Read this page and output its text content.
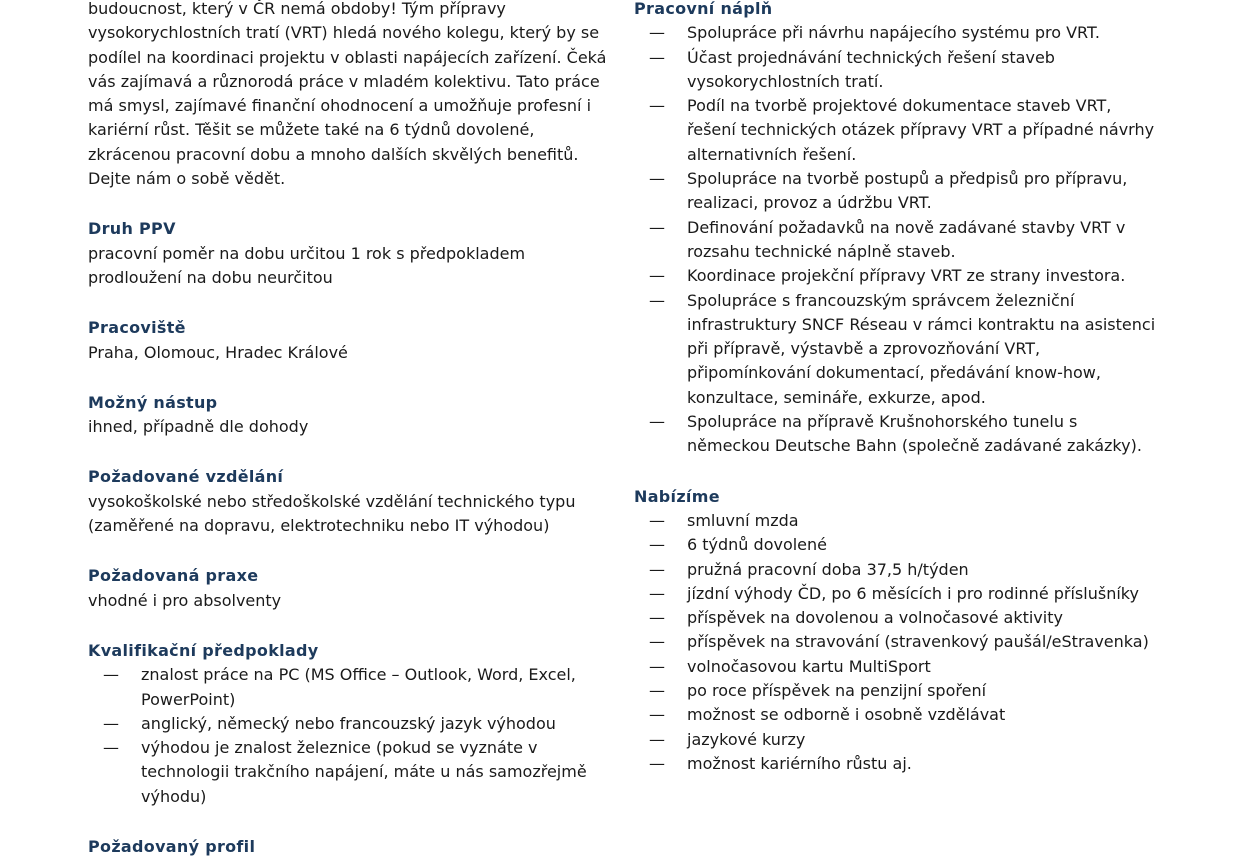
budoucnost, který v ČR nemá obdoby! Tým přípravy vysokorychlostních tratí (VRT) hledá nového kolegu, který by se podílel na koordinaci projektu v oblasti napájecích zařízení. Čeká vás zajímavá a různorodá práce v mladém kolektivu. Tato práce má smysl, zajímavé finanční ohodnocení a umožňuje profesní i kariérní růst. Těšit se můžete také na 6 týdnů dovolené, zkrácenou pracovní dobu a mnoho dalších skvělých benefitů. Dejte nám o sobě vědět.

Druh PPV

pracovní poměr na dobu určitou 1 rok s předpokladem prodloužení na dobu neurčitou

Pracoviště

Praha, Olomouc, Hradec Králové

Možný nástup

ihned, případně dle dohody

Požadované vzdělání

vysokoškolské nebo středoškolské vzdělání technického typu (zaměřené na dopravu, elektrotechniku nebo IT výhodou)

Požadovaná praxe

vhodné i pro absolventy

Kvalifikační předpoklady

— znalost práce na PC (MS Office – Outlook, Word, Excel, PowerPoint)
— anglický, německý nebo francouzský jazyk výhodou
— výhodou je znalost železnice (pokud se vyznáte v technologii trakčního napájení, máte u nás samozřejmě výhodu)

Požadovaný profil

Pracovní náplň

— Spolupráce při návrhu napájecího systému pro VRT.
— Účast projednávání technických řešení staveb vysokorychlostních tratí.
— Podíl na tvorbě projektové dokumentace staveb VRT, řešení technických otázek přípravy VRT a případné návrhy alternativních řešení.
— Spolupráce na tvorbě postupů a předpisů pro přípravu, realizaci, provoz a údržbu VRT.
— Definování požadavků na nově zadávané stavby VRT v rozsahu technické náplně staveb.
— Koordinace projekční přípravy VRT ze strany investora.
— Spolupráce s francouzským správcem železniční infrastruktury SNCF Réseau v rámci kontraktu na asistenci při přípravě, výstavbě a zprovozňování VRT, připomínkování dokumentací, předávání know-how, konzultace, semináře, exkurze, apod.
— Spolupráce na přípravě Krušnohorského tunelu s německou Deutsche Bahn (společně zadávané zakázky).

Nabízíme

— smluvní mzda
— 6 týdnů dovolené
— pružná pracovní doba 37,5 h/týden
— jízdní výhody ČD, po 6 měsících i pro rodinné příslušníky
— příspěvek na dovolenou a volnočasové aktivity
— příspěvek na stravování (stravenkový paušál/eStravenka)
— volnočasovou kartu MultiSport
— po roce příspěvek na penzijní spoření
— možnost se odborně i osobně vzdělávat
— jazykové kurzy
— možnost kariérního růstu aj.
